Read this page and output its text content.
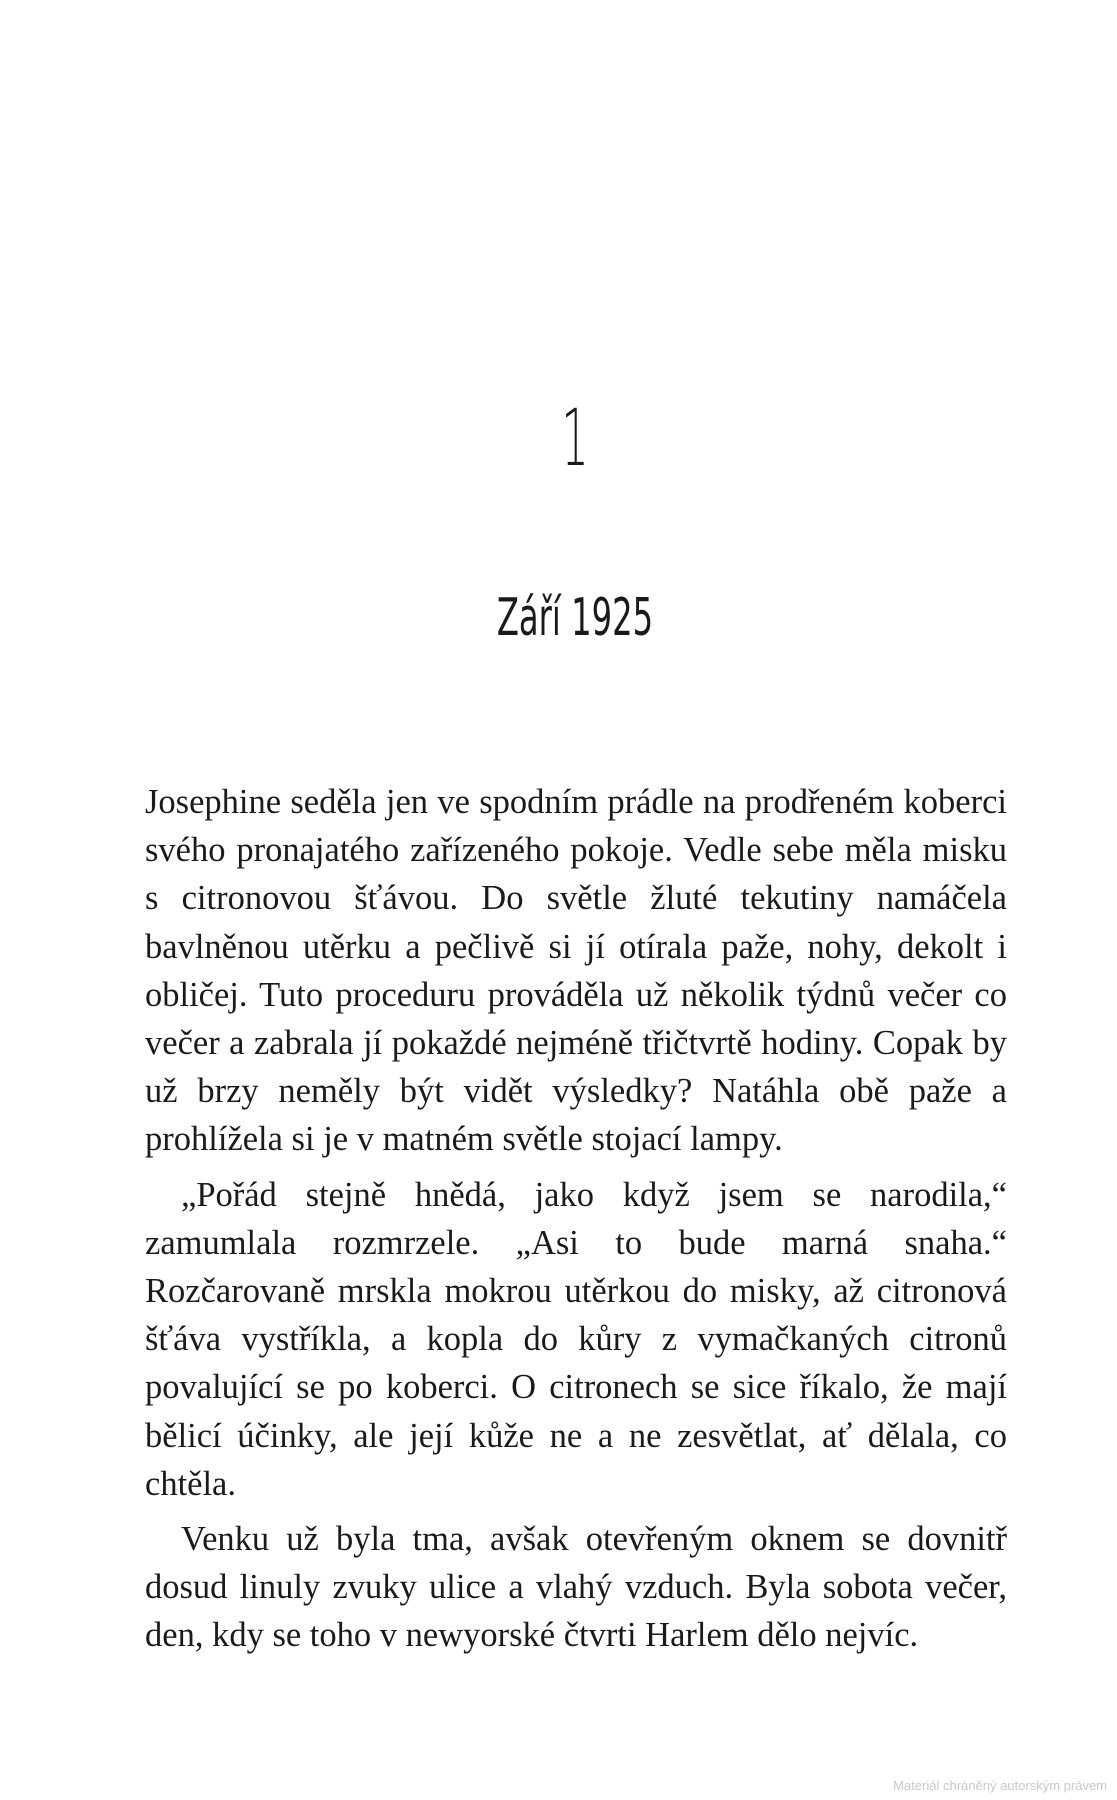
1
Září 1925

Josephine seděla jen ve spodním prádle na prodřeném koberci svého pronajatého zařízeného pokoje. Vedle sebe měla misku s citronovou šťávou. Do světle žluté tekutiny namáčela bavlněnou utěrku a pečlivě si jí otírala paže, nohy, dekolt i obličej. Tuto proceduru prováděla už několik týdnů večer co večer a zabrala jí pokaždé nejméně třičtvrtě hodiny. Copak by už brzy neměly být vidět výsledky? Natáhla obě paže a prohlížela si je v matném světle stojací lampy.

„Pořád stejně hnědá, jako když jsem se narodila,“ zamumlala rozmrzele. „Asi to bude marná snaha.“ Rozčarovaně mrskla mokrou utěrkou do misky, až citronová šťáva vystříkla, a kopla do kůry z vymačkaných citronů povalující se po koberci. O citronech se sice říkalo, že mají bělicí účinky, ale její kůže ne a ne zesvětlat, ať dělala, co chtěla.

Venku už byla tma, avšak otevřeným oknem se dovnitř dosud linuly zvuky ulice a vlahý vzduch. Byla sobota večer, den, kdy se toho v newyorské čtvrti Harlem dělo nejvíc.

Materiál chráněný autorským právem
